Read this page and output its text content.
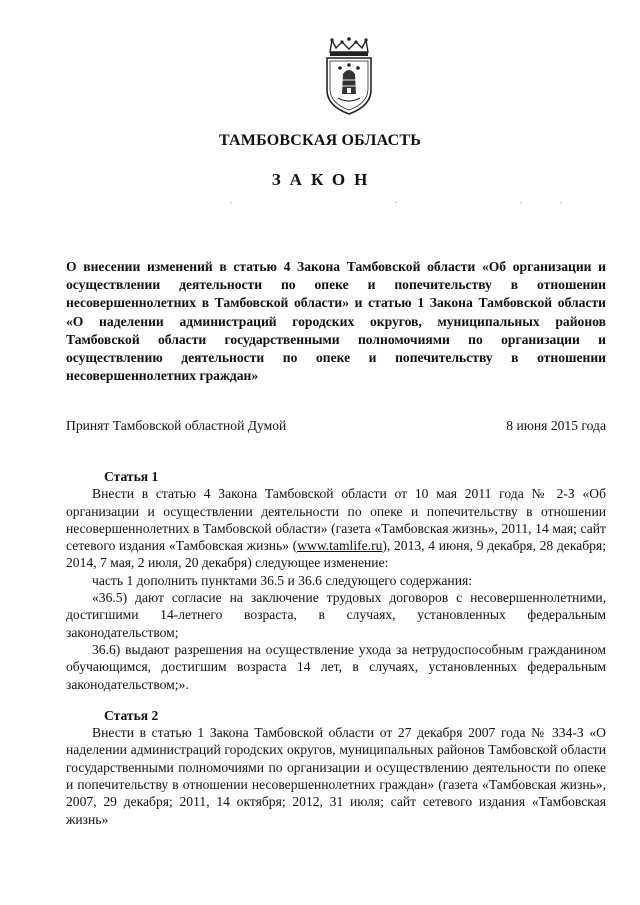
ТАМБОВСКАЯ ОБЛАСТЬ
ЗАКОН
О внесении изменений в статью 4 Закона Тамбовской области «Об организации и осуществлении деятельности по опеке и попечительству в отношении несовершеннолетних в Тамбовской области» и статью 1 Закона Тамбовской области «О наделении администраций городских округов, муниципальных районов Тамбовской области государственными полномочиями по организации и осуществлению деятельности по опеке и попечительству в отношении несовершеннолетних граждан»
Принят Тамбовской областной Думой	8 июня 2015 года

Статья 1

Внести в статью 4 Закона Тамбовской области от 10 мая 2011 года № 2-З «Об организации и осуществлении деятельности по опеке и попечительству в отношении несовершеннолетних в Тамбовской области» (газета «Тамбовская жизнь», 2011, 14 мая; сайт сетевого издания «Тамбовская жизнь» (www.tamlife.ru), 2013, 4 июня, 9 декабря, 28 декабря; 2014, 7 мая, 2 июля, 20 декабря) следующее изменение:

часть 1 дополнить пунктами 36.5 и 36.6 следующего содержания:

«36.5) дают согласие на заключение трудовых договоров с несовершеннолетними, достигшими 14-летнего возраста, в случаях, установленных федеральным законодательством;

36.6) выдают разрешения на осуществление ухода за нетрудоспособным гражданином обучающимся, достигшим возраста 14 лет, в случаях, установленных федеральным законодательством;».

Статья 2

Внести в статью 1 Закона Тамбовской области от 27 декабря 2007 года № 334-З «О наделении администраций городских округов, муниципальных районов Тамбовской области государственными полномочиями по организации и осуществлению деятельности по опеке и попечительству в отношении несовершеннолетних граждан» (газета «Тамбовская жизнь», 2007, 29 декабря; 2011, 14 октября; 2012, 31 июля; сайт сетевого издания «Тамбовская жизнь»
